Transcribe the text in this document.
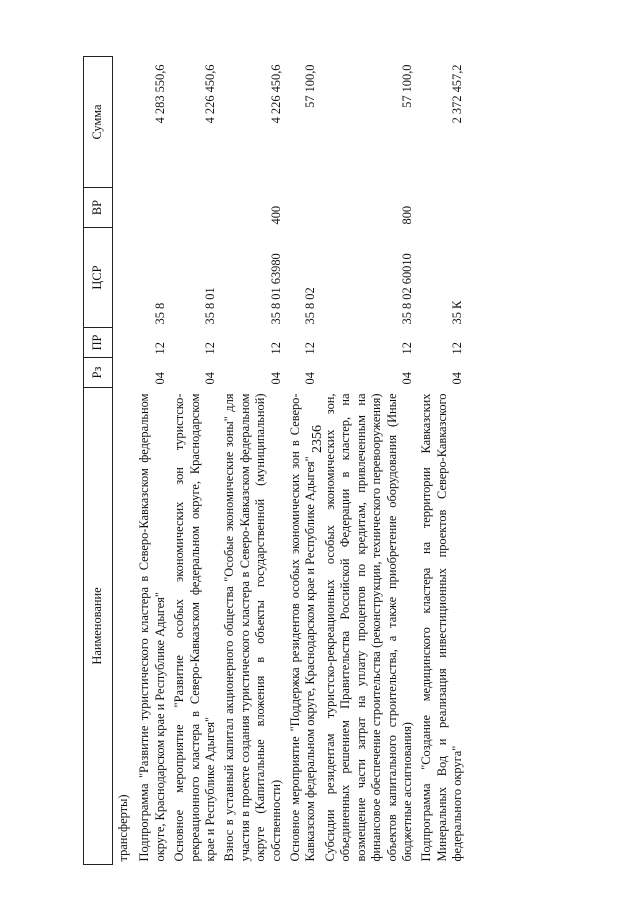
2356
Наименование	Рз	ПР	ЦСР	ВР	Сумма
трансферты)					
Подпрограмма "Развитие туристического кластера в Северо-Кавказском федеральном округе, Краснодарском крае и Республике Адыгея"	04	12	35 8		4 283 550,6
Основное мероприятие "Развитие особых экономических зон туристско-рекреационного кластера в Северо-Кавказском федеральном округе, Краснодарском крае и Республике Адыгея"	04	12	35 8 01		4 226 450,6
Взнос в уставный капитал акционерного общества "Особые экономические зоны" для участия в проекте создания туристического кластера в Северо-Кавказском федеральном округе (Капитальные вложения в объекты государственной (муниципальной) собственности)	04	12	35 8 01 63980	400	4 226 450,6
Основное мероприятие "Поддержка резидентов особых экономических зон в Северо-Кавказском федеральном округе, Краснодарском крае и Республике Адыгея"	04	12	35 8 02		57 100,0
Субсидии резидентам туристско-рекреационных особых экономических зон, объединенных решением Правительства Российской Федерации в кластер, на возмещение части затрат на уплату процентов по кредитам, привлеченным на финансовое обеспечение строительства (реконструкции, технического перевооружения) объектов капитального строительства, а также приобретение оборудования (Иные бюджетные ассигнования)	04	12	35 8 02 60010	800	57 100,0
Подпрограмма "Создание медицинского кластера на территории Кавказских Минеральных Вод и реализация инвестиционных проектов Северо-Кавказского федерального округа"	04	12	35 К		2 372 457,2
